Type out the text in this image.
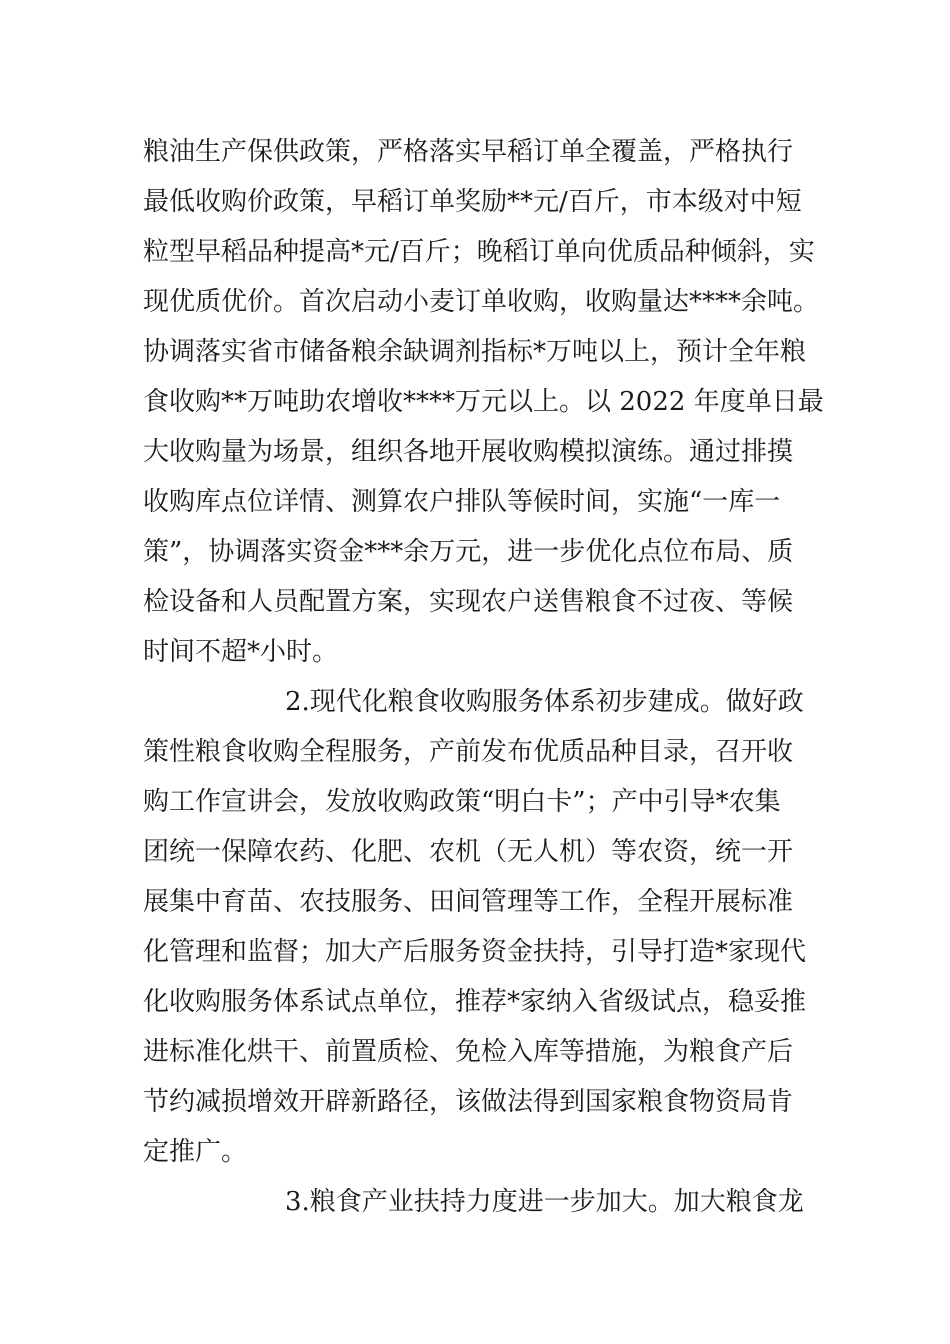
粮油生产保供政策，严格落实早稻订单全覆盖，严格执行

最低收购价政策，早稻订单奖励**元/百斤，市本级对中短

粒型早稻品种提高*元/百斤；晚稻订单向优质品种倾斜，实

现优质优价。首次启动小麦订单收购，收购量达****余吨。

协调落实省市储备粮余缺调剂指标*万吨以上，预计全年粮

食收购**万吨助农增收****万元以上。以 2022 年度单日最

大收购量为场景，组织各地开展收购模拟演练。通过排摸

收购库点位详情、测算农户排队等候时间，实施“一库一

策”，协调落实资金***余万元，进一步优化点位布局、质

检设备和人员配置方案，实现农户送售粮食不过夜、等候

时间不超*小时。

2.现代化粮食收购服务体系初步建成。做好政

策性粮食收购全程服务，产前发布优质品种目录，召开收

购工作宣讲会，发放收购政策“明白卡”；产中引导*农集

团统一保障农药、化肥、农机（无人机）等农资，统一开

展集中育苗、农技服务、田间管理等工作，全程开展标准

化管理和监督；加大产后服务资金扶持，引导打造*家现代

化收购服务体系试点单位，推荐*家纳入省级试点，稳妥推

进标准化烘干、前置质检、免检入库等措施，为粮食产后

节约减损增效开辟新路径，该做法得到国家粮食物资局肯

定推广。

3.粮食产业扶持力度进一步加大。加大粮食龙
